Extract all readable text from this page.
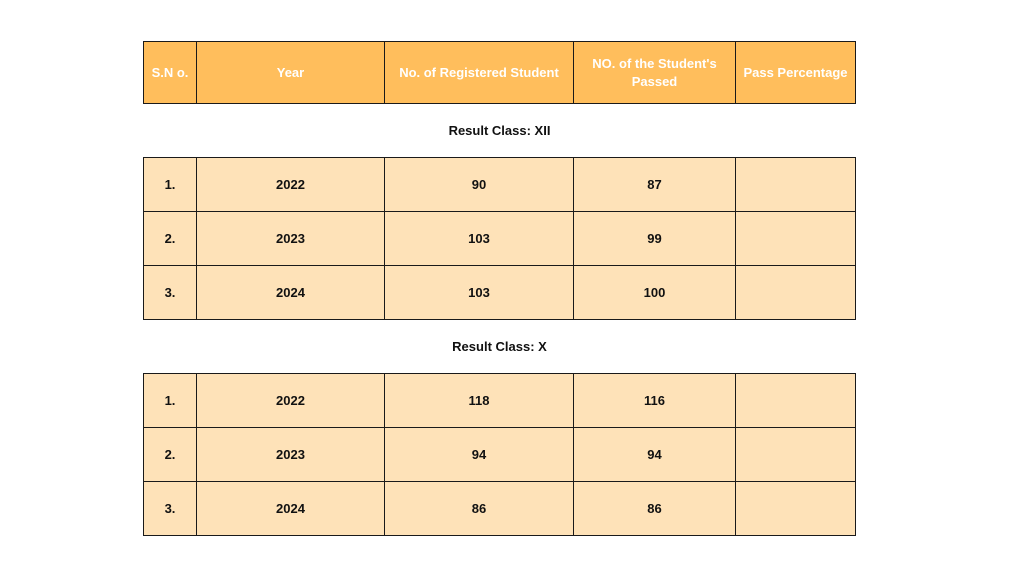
S.N o.	Year	No. of Registered Student	NO. of the Student's Passed	Pass Percentage
Result Class: XII				
1.	2022	90	87	
2.	2023	103	99	
3.	2024	103	100	
Result Class: X				
1.	2022	118	116	
2.	2023	94	94	
3.	2024	86	86	
